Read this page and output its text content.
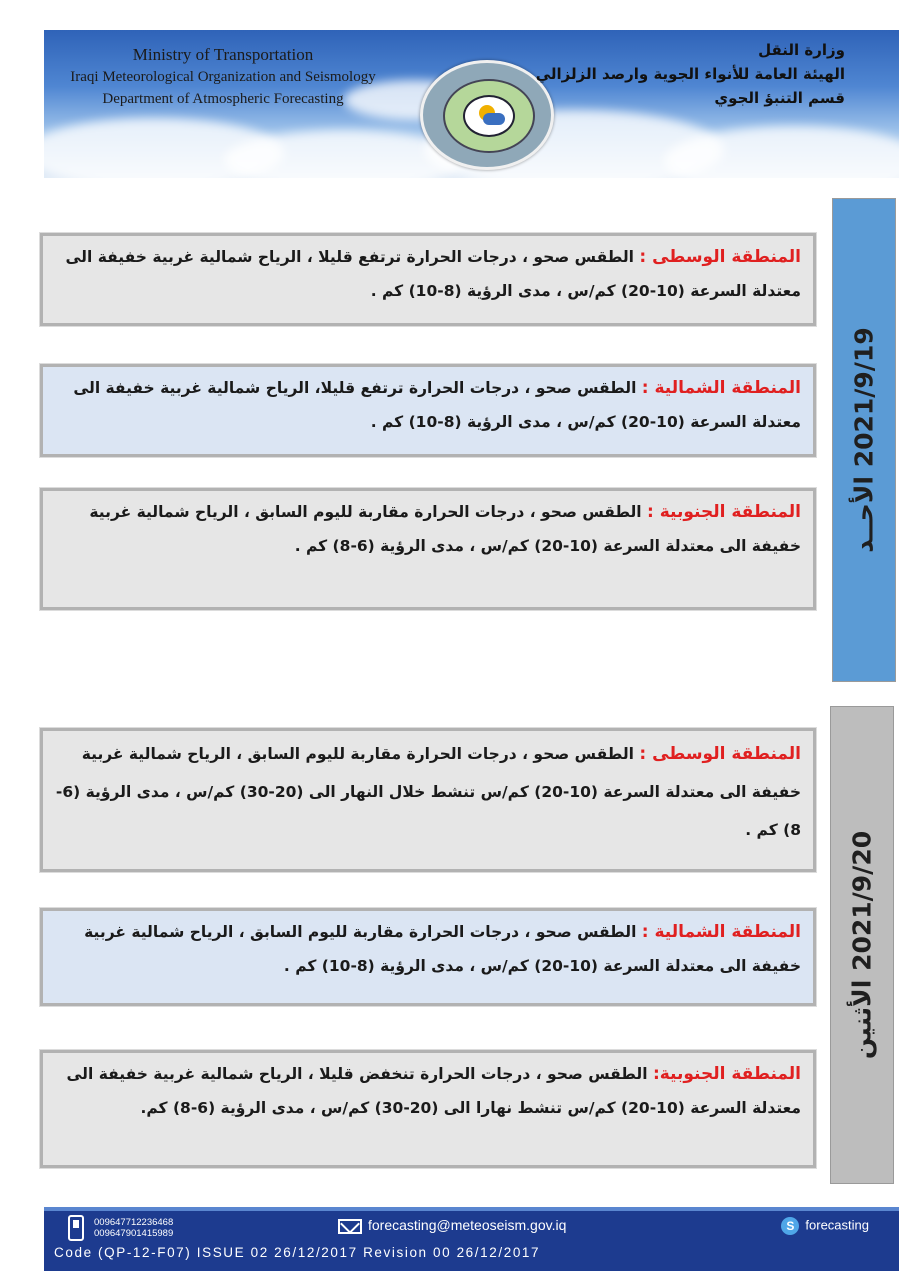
Ministry of Transportation
Iraqi Meteorological Organization and Seismology
Department of Atmospheric Forecasting
وزارة النقل
الهيئة العامة للأنواء الجوية وارصد الزلزالي
قسم التنبؤ الجوي
2021/9/19 الأحــد
المنطقة الوسطى : الطقس صحو ، درجات الحرارة ترتفع قليلا ، الرياح شمالية غربية خفيفة الى معتدلة السرعة (10-20) كم/س ، مدى الرؤية (8-10) كم .
المنطقة الشمالية : الطقس صحو ، درجات الحرارة ترتفع قليلا، الرياح شمالية غربية خفيفة الى معتدلة السرعة (10-20) كم/س ، مدى الرؤية (8-10) كم .
المنطقة الجنوبية : الطقس صحو ، درجات الحرارة مقاربة لليوم السابق ، الرياح شمالية غربية خفيفة الى معتدلة السرعة (10-20) كم/س ، مدى الرؤية (6-8) كم .
2021/9/20 الأثنين
المنطقة الوسطى : الطقس صحو ، درجات الحرارة مقاربة لليوم السابق ، الرياح شمالية غربية خفيفة الى معتدلة السرعة (10-20) كم/س تنشط خلال النهار الى (20-30) كم/س ، مدى الرؤية (6-8) كم .
المنطقة الشمالية : الطقس صحو ، درجات الحرارة مقاربة لليوم السابق ، الرياح شمالية غربية خفيفة الى معتدلة السرعة (10-20) كم/س ، مدى الرؤية (8-10) كم .
المنطقة الجنوبية: الطقس صحو ، درجات الحرارة تنخفض قليلا ، الرياح شمالية غربية خفيفة الى معتدلة السرعة (10-20) كم/س تنشط نهارا الى (20-30) كم/س ، مدى الرؤية (6-8) كم.
009647712236468
009647901415989
forecasting@meteoseism.gov.iq	S forecasting
Code (QP-12-F07) ISSUE 02 26/12/2017 Revision 00 26/12/2017
